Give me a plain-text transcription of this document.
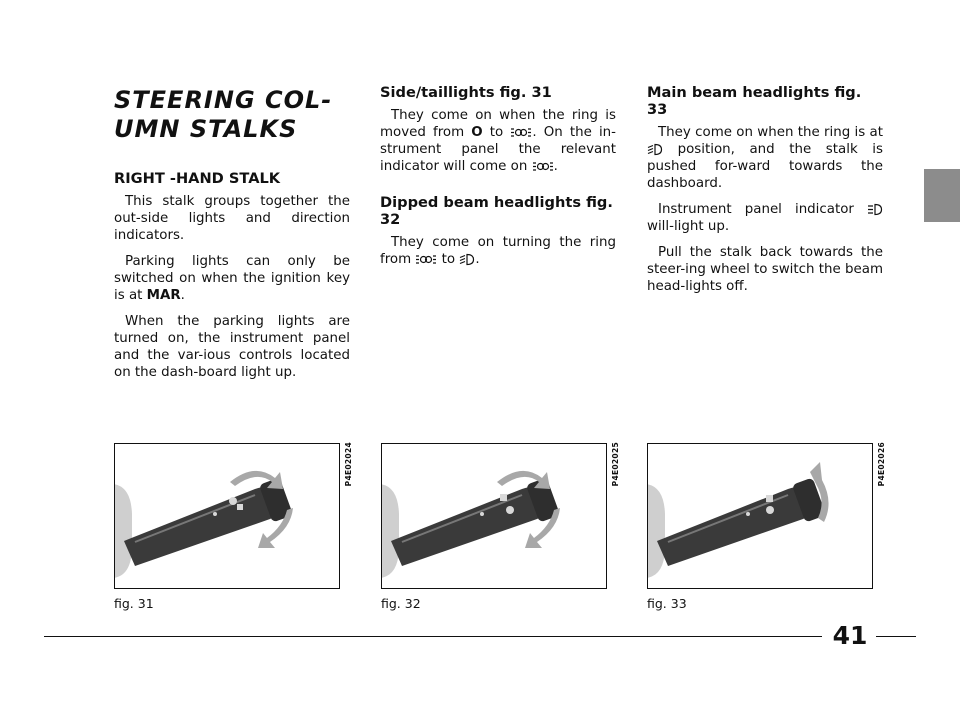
STEERING COL-
UMN STALKS
RIGHT -HAND STALK

This stalk groups together the out-side lights and direction indicators.

Parking lights can only be switched on when the ignition key is at MAR.

When the parking lights are turned on, the instrument panel and the var-ious controls located on the dash-board light up.

Side/taillights fig. 31

They come on when the ring is moved from O to . On the in-strument panel the relevant indicator will come on .

Dipped beam headlights fig. 32

They come on turning the ring from  to .

Main beam headlights fig. 33

They come on when the ring is at  position, and the stalk is pushed for-ward towards the dashboard.

Instrument panel indicator  will-light up.

Pull the stalk back towards the steer-ing wheel to switch the beam head-lights off.

P4E02024	P4E02025	P4E02026
fig. 31	fig. 32	fig. 33
41
